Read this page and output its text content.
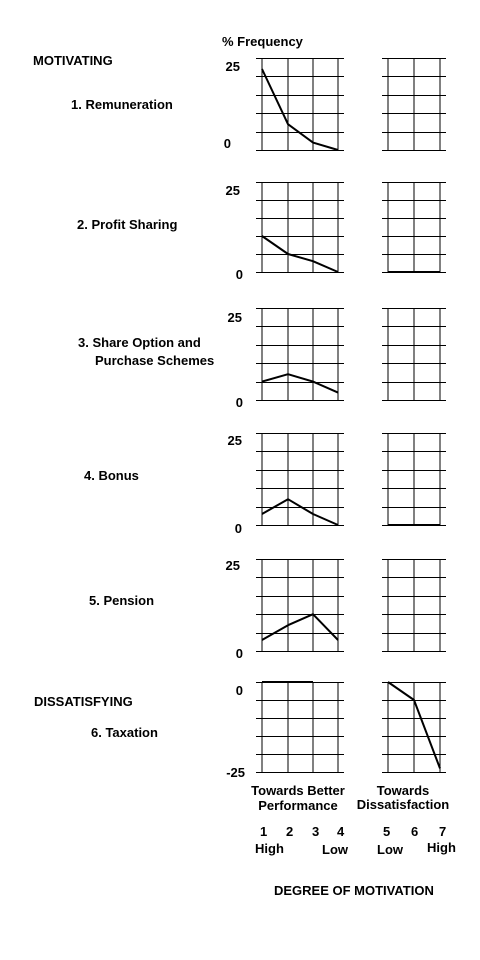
% Frequency
MOTIVATING
DISSATISFYING
1. Remuneration
2. Profit Sharing
3. Share Option and
Purchase Schemes
4. Bonus
5. Pension
6. Taxation
25
0
25
0
25
0
25
0
25
0
0
-25
Towards Better
Performance
Towards
Dissatisfaction
1 2 3 4	5 6 7
High	Low Low High
DEGREE OF MOTIVATION
